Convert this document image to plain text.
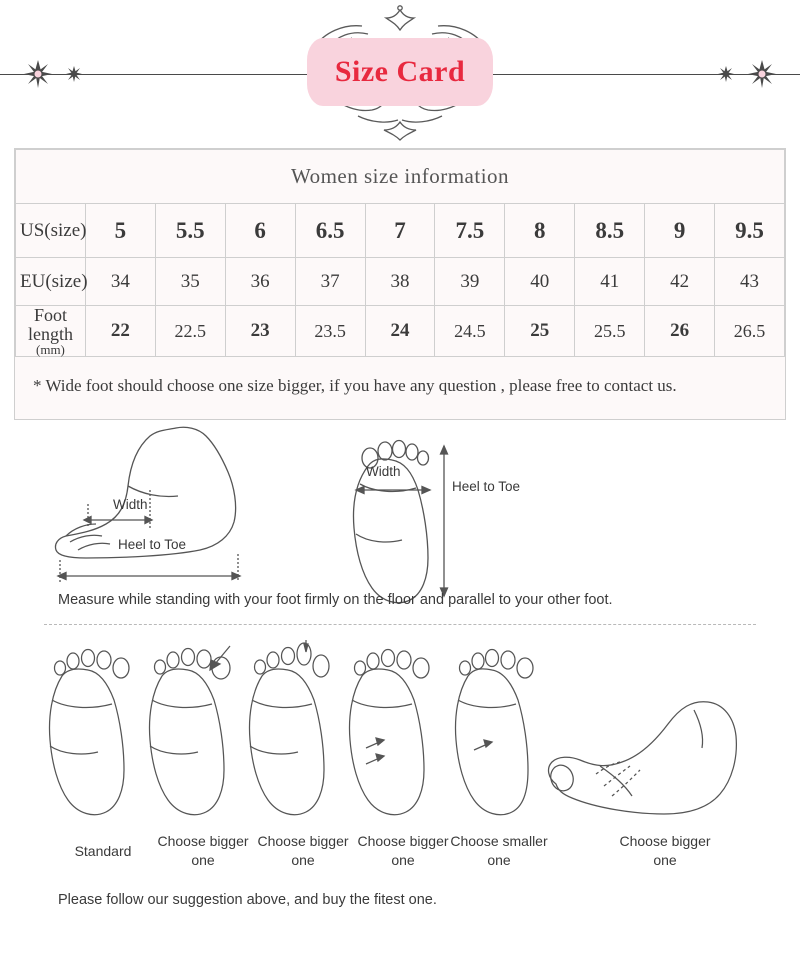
Size Card
Women size information										
US(size)	5	5.5	6	6.5	7	7.5	8	8.5	9	9.5
EU(size)	34	35	36	37	38	39	40	41	42	43
Foot length
(mm)	22	22.5	23	23.5	24	24.5	25	25.5	26	26.5
* Wide foot should choose one size bigger, if you have any question , please free to contact us.
Width
Heel to Toe
Width
Heel to Toe
Measure while standing with your foot firmly on the floor and parallel to your other foot.
Standard
Choose bigger one
Choose bigger one
Choose bigger one
Choose smaller one
Choose bigger one
Please follow our suggestion above, and buy the fitest one.
